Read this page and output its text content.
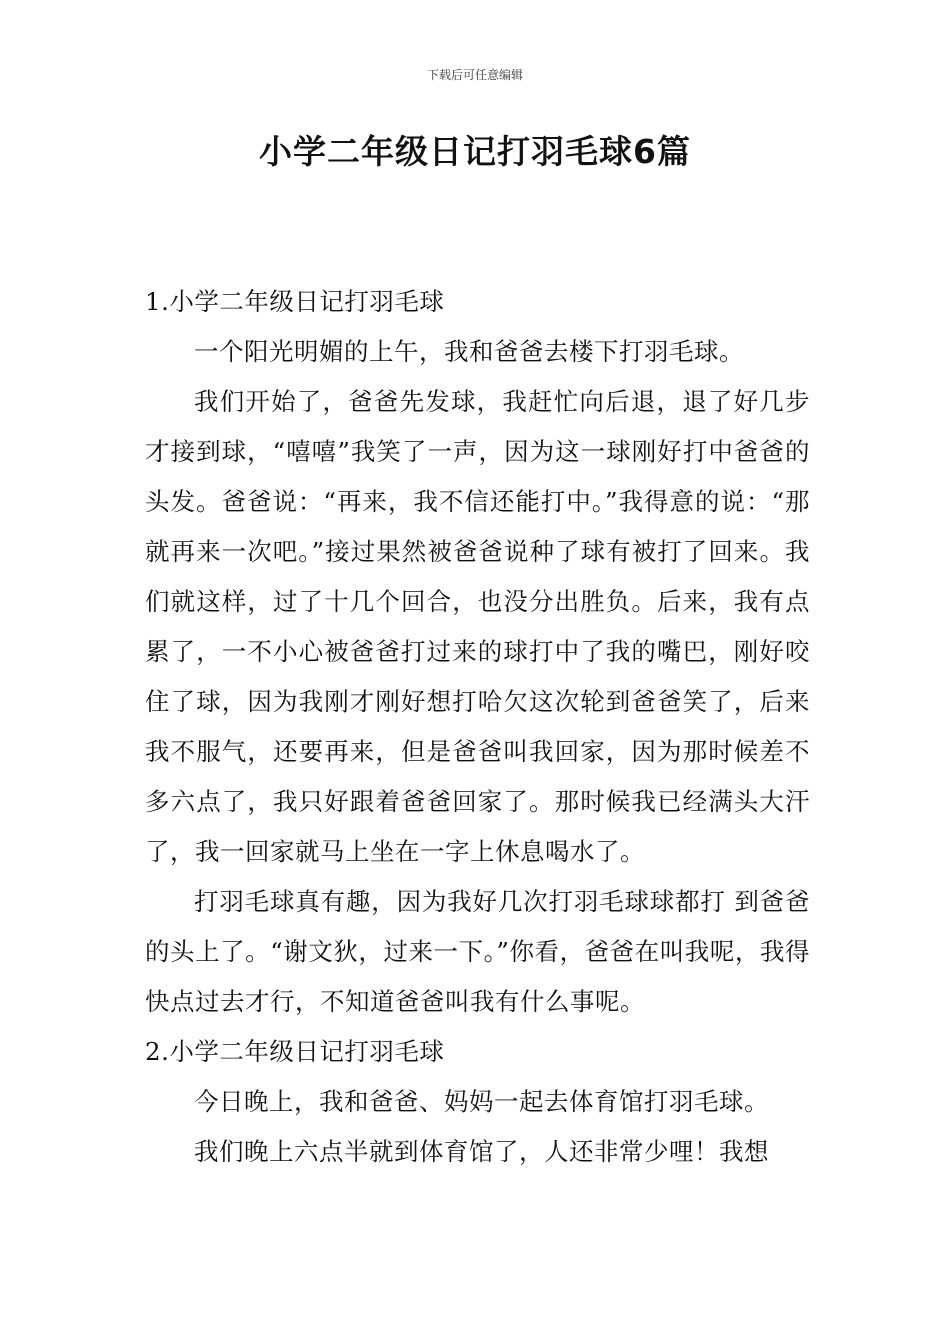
下载后可任意编辑
小学二年级日记打羽毛球6篇
1.小学二年级日记打羽毛球

一个阳光明媚的上午，我和爸爸去楼下打羽毛球。

我们开始了，爸爸先发球，我赶忙向后退，退了好几步才接到球，“嘻嘻”我笑了一声，因为这一球刚好打中爸爸的头发。爸爸说：“再来，我不信还能打中。”我得意的说：“那就再来一次吧。”接过果然被爸爸说种了球有被打了回来。我们就这样，过了十几个回合，也没分出胜负。后来，我有点累了，一不小心被爸爸打过来的球打中了我的嘴巴，刚好咬住了球，因为我刚才刚好想打哈欠这次轮到爸爸笑了，后来我不服气，还要再来，但是爸爸叫我回家，因为那时候差不多六点了，我只好跟着爸爸回家了。那时候我已经满头大汗了，我一回家就马上坐在一字上休息喝水了。

打羽毛球真有趣，因为我好几次打羽毛球球都打 到爸爸的头上了。“谢文狄，过来一下。”你看，爸爸在叫我呢，我得快点过去才行，不知道爸爸叫我有什么事呢。

2.小学二年级日记打羽毛球

今日晚上，我和爸爸、妈妈一起去体育馆打羽毛球。

我们晚上六点半就到体育馆了，人还非常少哩！我想
